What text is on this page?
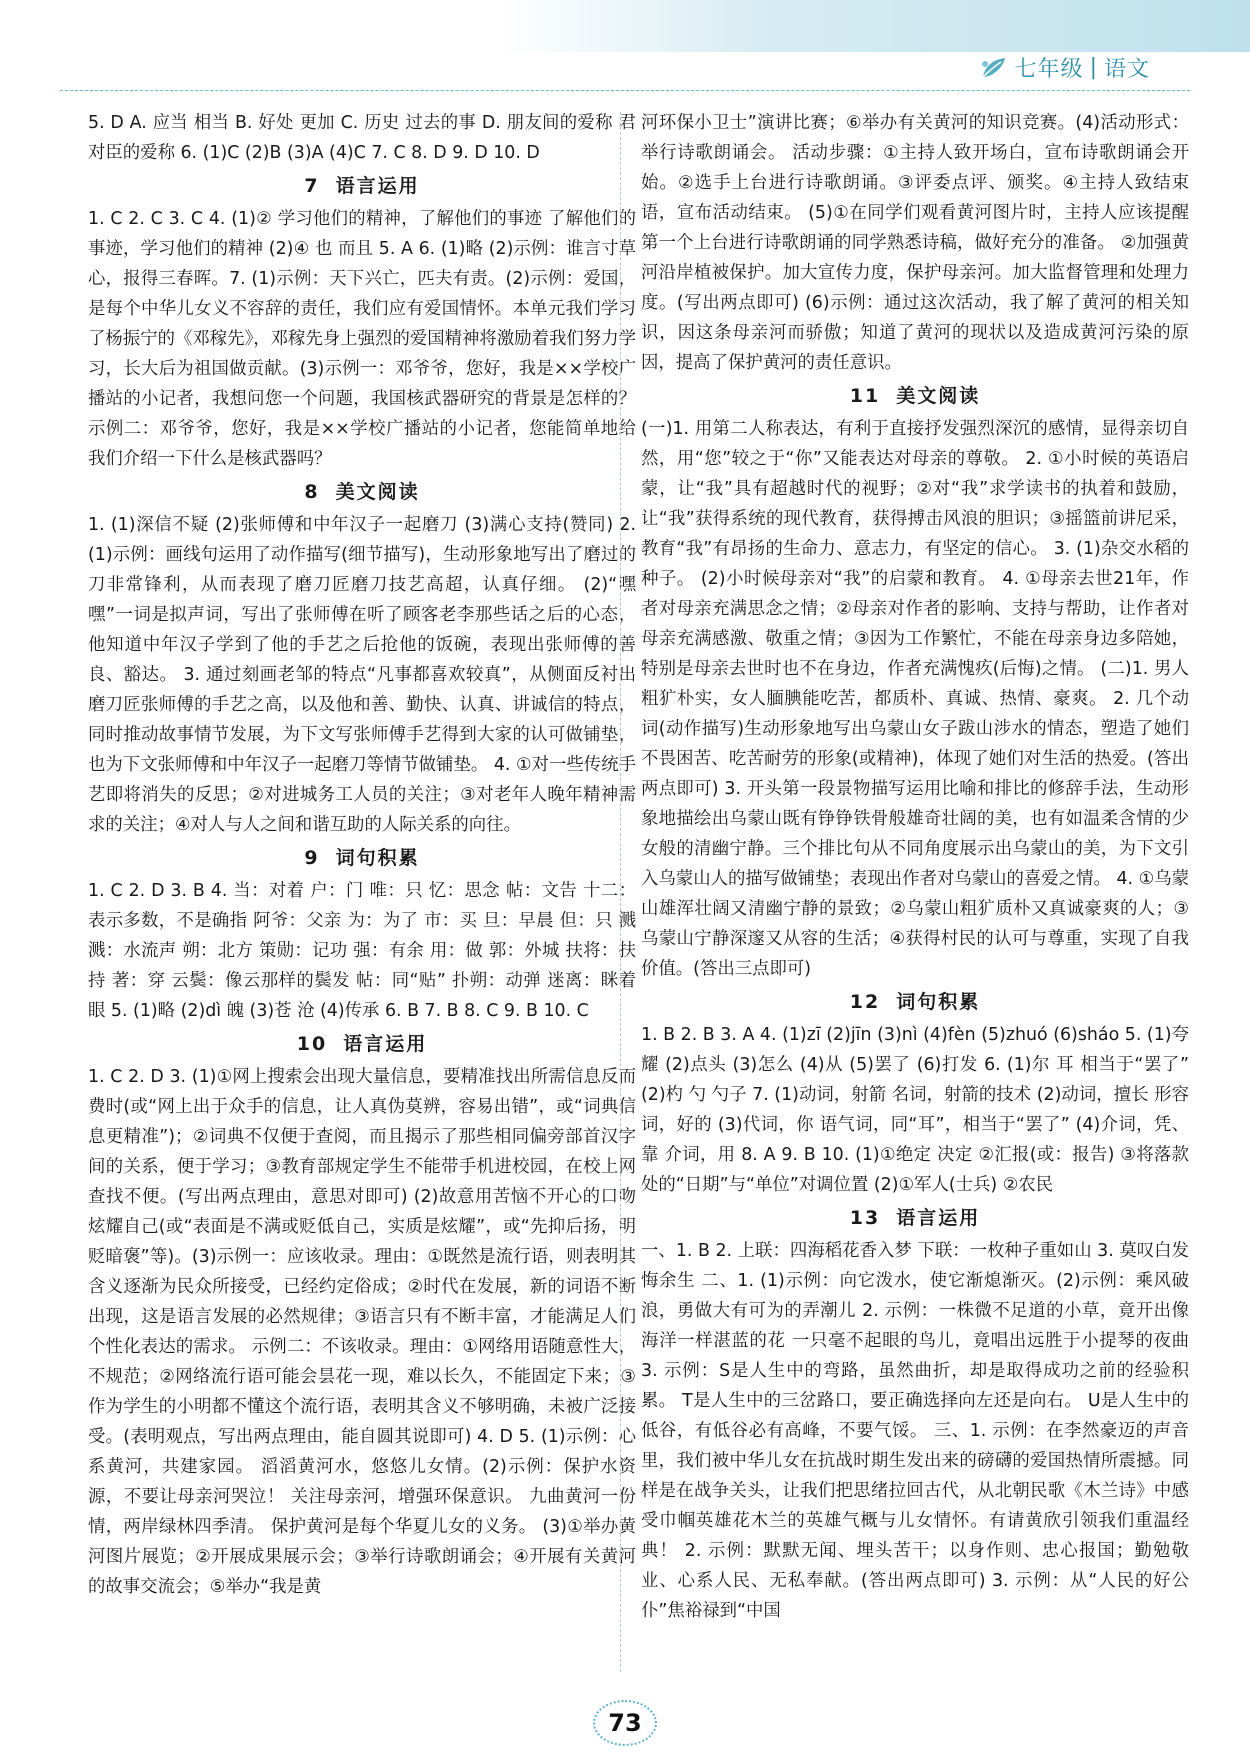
七年级 | 语文

5. D A. 应当 相当 B. 好处 更加 C. 历史 过去的事 D. 朋友间的爱称 君对臣的爱称 6. (1)C (2)B (3)A (4)C 7. C 8. D 9. D 10. D

7 语言运用

1. C 2. C 3. C 4. (1)② 学习他们的精神，了解他们的事迹 了解他们的事迹，学习他们的精神 (2)④ 也 而且 5. A 6. (1)略 (2)示例：谁言寸草心，报得三春晖。7. (1)示例：天下兴亡，匹夫有责。(2)示例：爱国，是每个中华儿女义不容辞的责任，我们应有爱国情怀。本单元我们学习了杨振宁的《邓稼先》，邓稼先身上强烈的爱国精神将激励着我们努力学习，长大后为祖国做贡献。(3)示例一：邓爷爷，您好，我是××学校广播站的小记者，我想问您一个问题，我国核武器研究的背景是怎样的？ 示例二：邓爷爷，您好，我是××学校广播站的小记者，您能简单地给我们介绍一下什么是核武器吗？

8 美文阅读

1. (1)深信不疑 (2)张师傅和中年汉子一起磨刀 (3)满心支持(赞同) 2. (1)示例：画线句运用了动作描写(细节描写)，生动形象地写出了磨过的刀非常锋利，从而表现了磨刀匠磨刀技艺高超，认真仔细。 (2)“嘿嘿”一词是拟声词，写出了张师傅在听了顾客老李那些话之后的心态，他知道中年汉子学到了他的手艺之后抢他的饭碗，表现出张师傅的善良、豁达。 3. 通过刻画老邹的特点“凡事都喜欢较真”，从侧面反衬出磨刀匠张师傅的手艺之高，以及他和善、勤快、认真、讲诚信的特点，同时推动故事情节发展，为下文写张师傅手艺得到大家的认可做铺垫，也为下文张师傅和中年汉子一起磨刀等情节做铺垫。 4. ①对一些传统手艺即将消失的反思；②对进城务工人员的关注；③对老年人晚年精神需求的关注；④对人与人之间和谐互助的人际关系的向往。

9 词句积累

1. C 2. D 3. B 4. 当：对着 户：门 唯：只 忆：思念 帖：文告 十二：表示多数，不是确指 阿爷：父亲 为：为了 市：买 旦：早晨 但：只 溅溅：水流声 朔：北方 策勋：记功 强：有余 用：做 郭：外城 扶将：扶持 著：穿 云鬓：像云那样的鬓发 帖：同“贴” 扑朔：动弹 迷离：眯着眼 5. (1)略 (2)dì 魄 (3)苍 沧 (4)传承 6. B 7. B 8. C 9. B 10. C

10 语言运用

1. C 2. D 3. (1)①网上搜索会出现大量信息，要精准找出所需信息反而费时(或“网上出于众手的信息，让人真伪莫辨，容易出错”，或“词典信息更精准”)；②词典不仅便于查阅，而且揭示了那些相同偏旁部首汉字间的关系，便于学习；③教育部规定学生不能带手机进校园，在校上网查找不便。(写出两点理由，意思对即可) (2)故意用苦恼不开心的口吻炫耀自己(或“表面是不满或贬低自己，实质是炫耀”，或“先抑后扬，明贬暗褒”等)。(3)示例一：应该收录。理由：①既然是流行语，则表明其含义逐渐为民众所接受，已经约定俗成；②时代在发展，新的词语不断出现，这是语言发展的必然规律；③语言只有不断丰富，才能满足人们个性化表达的需求。 示例二：不该收录。理由：①网络用语随意性大，不规范；②网络流行语可能会昙花一现，难以长久，不能固定下来；③作为学生的小明都不懂这个流行语，表明其含义不够明确，未被广泛接受。(表明观点，写出两点理由，能自圆其说即可) 4. D 5. (1)示例：心系黄河，共建家园。 滔滔黄河水，悠悠儿女情。(2)示例：保护水资源，不要让母亲河哭泣！ 关注母亲河，增强环保意识。 九曲黄河一份情，两岸绿林四季清。 保护黄河是每个华夏儿女的义务。 (3)①举办黄河图片展览；②开展成果展示会；③举行诗歌朗诵会；④开展有关黄河的故事交流会；⑤举办“我是黄

河环保小卫士”演讲比赛；⑥举办有关黄河的知识竞赛。(4)活动形式：举行诗歌朗诵会。 活动步骤：①主持人致开场白，宣布诗歌朗诵会开始。②选手上台进行诗歌朗诵。③评委点评、颁奖。④主持人致结束语，宣布活动结束。 (5)①在同学们观看黄河图片时，主持人应该提醒第一个上台进行诗歌朗诵的同学熟悉诗稿，做好充分的准备。 ②加强黄河沿岸植被保护。加大宣传力度，保护母亲河。加大监督管理和处理力度。(写出两点即可) (6)示例：通过这次活动，我了解了黄河的相关知识，因这条母亲河而骄傲；知道了黄河的现状以及造成黄河污染的原因，提高了保护黄河的责任意识。

11 美文阅读

(一)1. 用第二人称表达，有利于直接抒发强烈深沉的感情，显得亲切自然，用“您”较之于“你”又能表达对母亲的尊敬。 2. ①小时候的英语启蒙，让“我”具有超越时代的视野；②对“我”求学读书的执着和鼓励，让“我”获得系统的现代教育，获得搏击风浪的胆识；③摇篮前讲尼采，教育“我”有昂扬的生命力、意志力，有坚定的信心。 3. (1)杂交水稻的种子。 (2)小时候母亲对“我”的启蒙和教育。 4. ①母亲去世21年，作者对母亲充满思念之情；②母亲对作者的影响、支持与帮助，让作者对母亲充满感激、敬重之情；③因为工作繁忙，不能在母亲身边多陪她，特别是母亲去世时也不在身边，作者充满愧疚(后悔)之情。 (二)1. 男人粗犷朴实，女人腼腆能吃苦，都质朴、真诚、热情、豪爽。 2. 几个动词(动作描写)生动形象地写出乌蒙山女子跋山涉水的情态，塑造了她们不畏困苦、吃苦耐劳的形象(或精神)，体现了她们对生活的热爱。(答出两点即可) 3. 开头第一段景物描写运用比喻和排比的修辞手法，生动形象地描绘出乌蒙山既有铮铮铁骨般雄奇壮阔的美，也有如温柔含情的少女般的清幽宁静。三个排比句从不同角度展示出乌蒙山的美，为下文引入乌蒙山人的描写做铺垫；表现出作者对乌蒙山的喜爱之情。 4. ①乌蒙山雄浑壮阔又清幽宁静的景致；②乌蒙山粗犷质朴又真诚豪爽的人；③乌蒙山宁静深邃又从容的生活；④获得村民的认可与尊重，实现了自我价值。(答出三点即可)

12 词句积累

1. B 2. B 3. A 4. (1)zī (2)jīn (3)nì (4)fèn (5)zhuó (6)sháo 5. (1)夸耀 (2)点头 (3)怎么 (4)从 (5)罢了 (6)打发 6. (1)尔 耳 相当于“罢了” (2)杓 勺 勺子 7. (1)动词，射箭 名词，射箭的技术 (2)动词，擅长 形容词，好的 (3)代词，你 语气词，同“耳”，相当于“罢了” (4)介词，凭、靠 介词，用 8. A 9. B 10. (1)①绝定 决定 ②汇报(或：报告) ③将落款处的“日期”与“单位”对调位置 (2)①军人(士兵) ②农民

13 语言运用

一、1. B 2. 上联：四海稻花香入梦 下联：一枚种子重如山 3. 莫叹白发悔余生 二、1. (1)示例：向它泼水，使它渐熄渐灭。(2)示例：乘风破浪，勇做大有可为的弄潮儿 2. 示例：一株微不足道的小草，竟开出像海洋一样湛蓝的花 一只毫不起眼的鸟儿，竟唱出远胜于小提琴的夜曲 3. 示例：S是人生中的弯路，虽然曲折，却是取得成功之前的经验积累。 T是人生中的三岔路口，要正确选择向左还是向右。 U是人生中的低谷，有低谷必有高峰，不要气馁。 三、1. 示例：在李然豪迈的声音里，我们被中华儿女在抗战时期生发出来的磅礴的爱国热情所震撼。同样是在战争关头，让我们把思绪拉回古代，从北朝民歌《木兰诗》中感受巾帼英雄花木兰的英雄气概与儿女情怀。有请黄欣引领我们重温经典！ 2. 示例：默默无闻、埋头苦干；以身作则、忠心报国；勤勉敬业、心系人民、无私奉献。(答出两点即可) 3. 示例：从“人民的好公仆”焦裕禄到“中国

73
